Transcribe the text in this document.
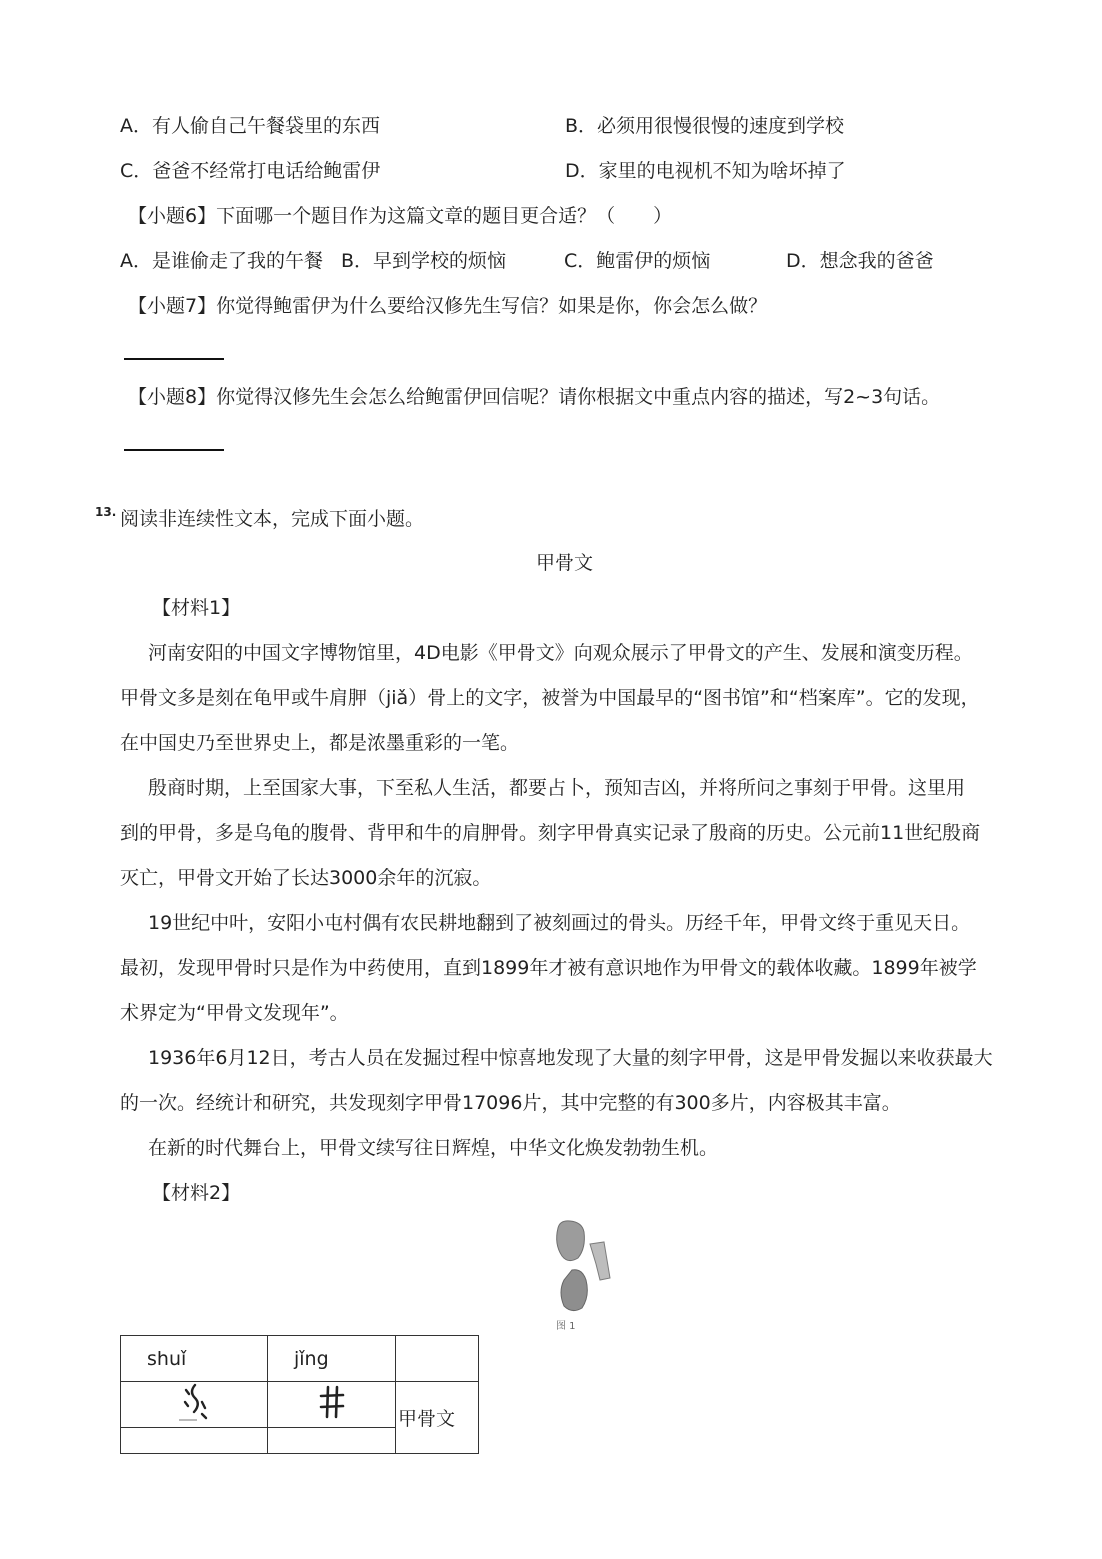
A．有人偷自己午餐袋里的东西	B．必须用很慢很慢的速度到学校
C．爸爸不经常打电话给鲍雷伊	D．家里的电视机不知为啥坏掉了
【小题6】下面哪一个题目作为这篇文章的题目更合适？（　　）
A．是谁偷走了我的午餐 B．早到学校的烦恼	C．鲍雷伊的烦恼	D．想念我的爸爸
【小题7】你觉得鲍雷伊为什么要给汉修先生写信？如果是你，你会怎么做？
【小题8】你觉得汉修先生会怎么给鲍雷伊回信呢？请你根据文中重点内容的描述，写2~3句话。
13. 阅读非连续性文本，完成下面小题。
甲骨文
【材料1】
河南安阳的中国文字博物馆里，4D电影《甲骨文》向观众展示了甲骨文的产生、发展和演变历程。
甲骨文多是刻在龟甲或牛肩胛（jiǎ）骨上的文字，被誉为中国最早的“图书馆”和“档案库”。它的发现，
在中国史乃至世界史上，都是浓墨重彩的一笔。
殷商时期，上至国家大事，下至私人生活，都要占卜，预知吉凶，并将所问之事刻于甲骨。这里用
到的甲骨，多是乌龟的腹骨、背甲和牛的肩胛骨。刻字甲骨真实记录了殷商的历史。公元前11世纪殷商
灭亡，甲骨文开始了长达3000余年的沉寂。
19世纪中叶，安阳小屯村偶有农民耕地翻到了被刻画过的骨头。历经千年，甲骨文终于重见天日。
最初，发现甲骨时只是作为中药使用，直到1899年才被有意识地作为甲骨文的载体收藏。1899年被学
术界定为“甲骨文发现年”。
1936年6月12日，考古人员在发掘过程中惊喜地发现了大量的刻字甲骨，这是甲骨发掘以来收获最大
的一次。经统计和研究，共发现刻字甲骨17096片，其中完整的有300多片，内容极其丰富。
在新的时代舞台上，甲骨文续写往日辉煌，中华文化焕发勃勃生机。
【材料2】
图 1
shuǐ	jǐng	
		甲骨文
